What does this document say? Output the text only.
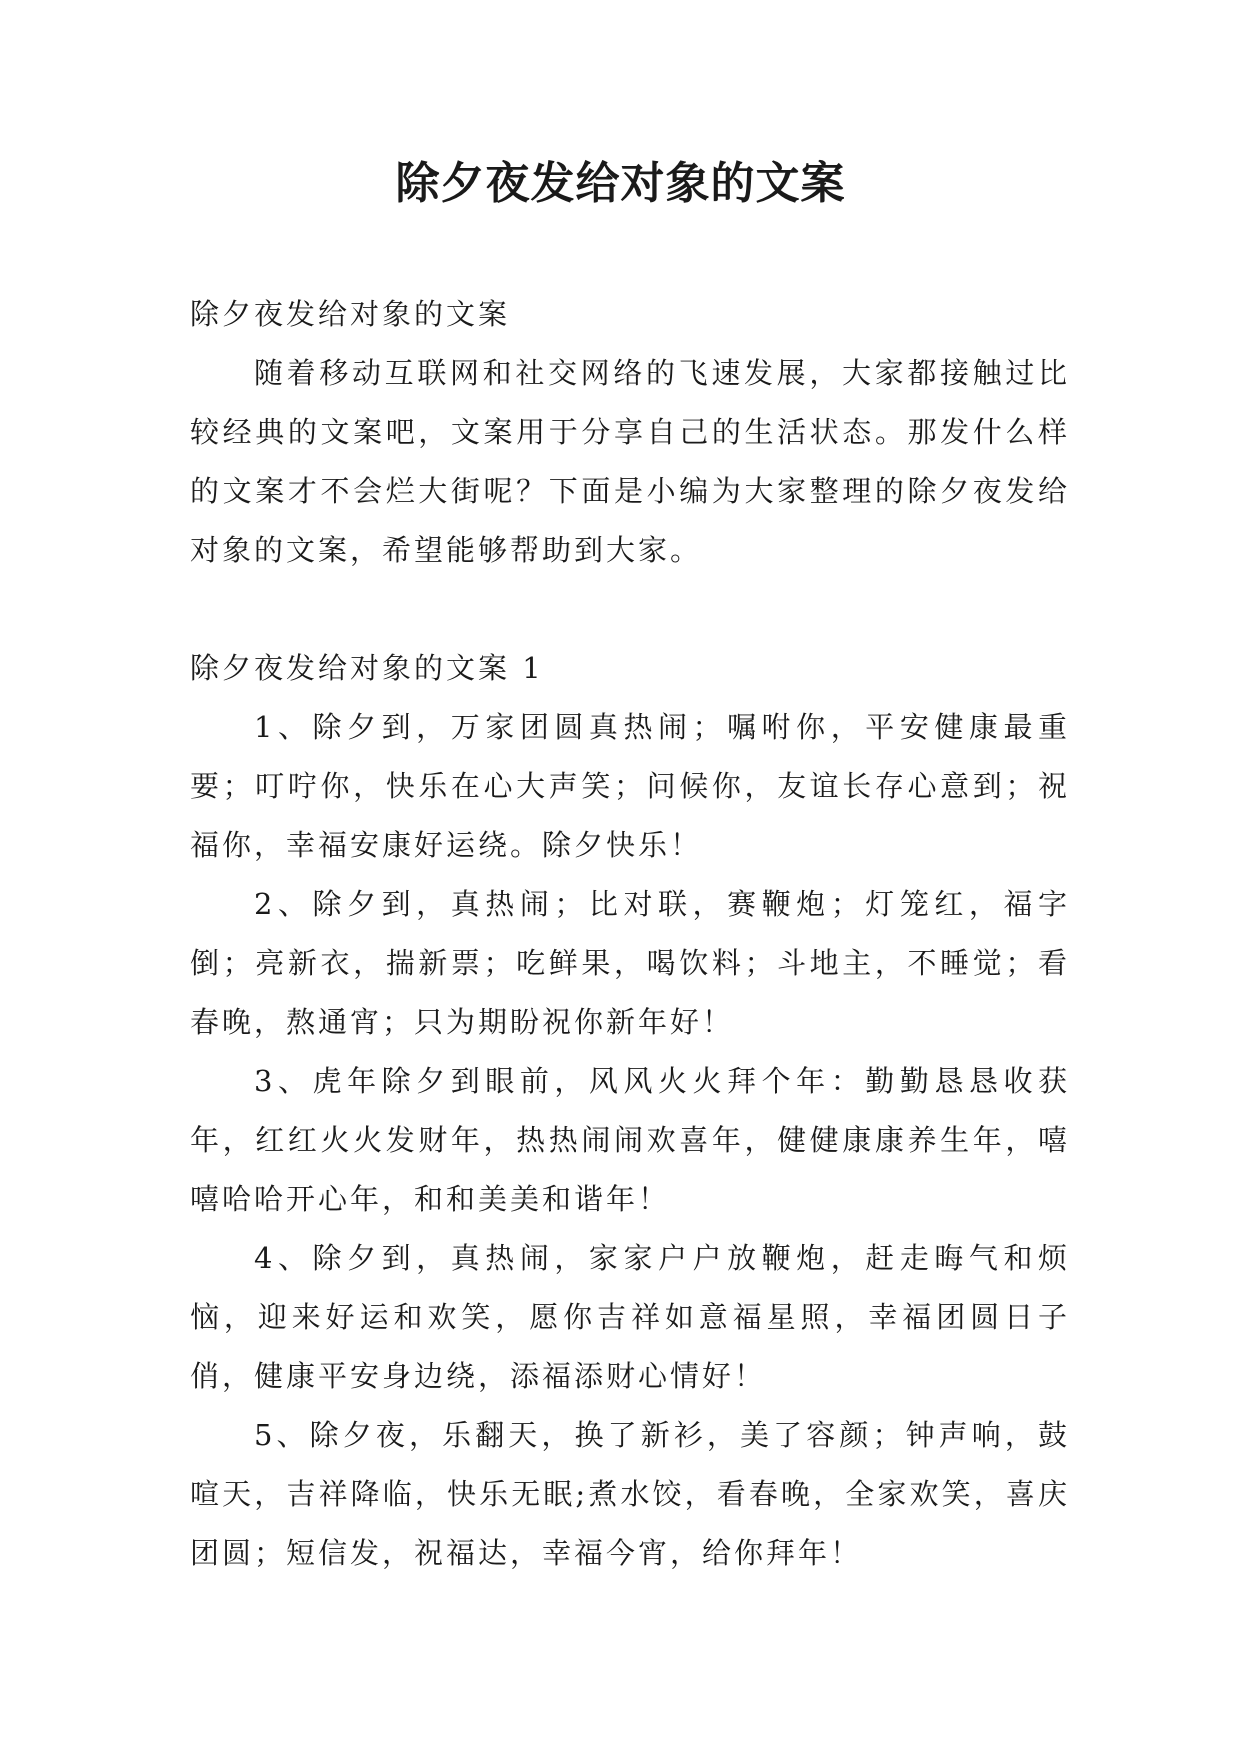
除夕夜发给对象的文案

除夕夜发给对象的文案

随着移动互联网和社交网络的飞速发展，大家都接触过比较经典的文案吧，文案用于分享自己的生活状态。那发什么样的文案才不会烂大街呢？下面是小编为大家整理的除夕夜发给对象的文案，希望能够帮助到大家。

除夕夜发给对象的文案 1

1、除夕到，万家团圆真热闹；嘱咐你，平安健康最重要；叮咛你，快乐在心大声笑；问候你，友谊长存心意到；祝福你，幸福安康好运绕。除夕快乐！

2、除夕到，真热闹；比对联，赛鞭炮；灯笼红，福字倒；亮新衣，揣新票；吃鲜果，喝饮料；斗地主，不睡觉；看春晚，熬通宵；只为期盼祝你新年好！

3、虎年除夕到眼前，风风火火拜个年：勤勤恳恳收获年，红红火火发财年，热热闹闹欢喜年，健健康康养生年，嘻嘻哈哈开心年，和和美美和谐年！

4、除夕到，真热闹，家家户户放鞭炮，赶走晦气和烦恼，迎来好运和欢笑，愿你吉祥如意福星照，幸福团圆日子俏，健康平安身边绕，添福添财心情好！

5、除夕夜，乐翻天，换了新衫，美了容颜；钟声响，鼓喧天，吉祥降临，快乐无眠;煮水饺，看春晚，全家欢笑，喜庆团圆；短信发，祝福达，幸福今宵，给你拜年！
